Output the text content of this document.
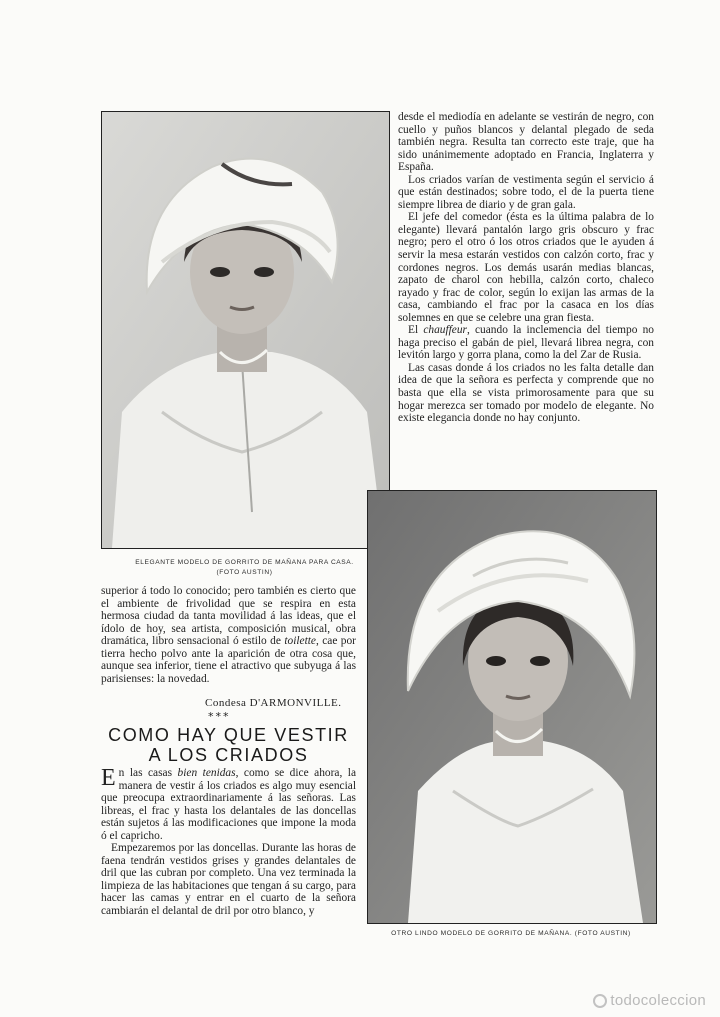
ELEGANTE MODELO DE GORRITO DE MAÑANA PARA CASA.
(FOTO AUSTIN)

desde el mediodía en adelante se vestirán de negro, con cuello y puños blancos y delantal plegado de seda también negra. Resulta tan correcto este traje, que ha sido unánimemente adoptado en Francia, Inglaterra y España.

Los criados varían de vestimenta según el servicio á que están destinados; sobre todo, el de la puerta tiene siempre librea de diario y de gran gala.

El jefe del comedor (ésta es la última palabra de lo elegante) llevará pantalón largo gris obscuro y frac negro; pero el otro ó los otros criados que le ayuden á servir la mesa estarán vestidos con calzón corto, frac y cordones negros. Los demás usarán medias blancas, zapato de charol con hebilla, calzón corto, chaleco rayado y frac de color, según lo exijan las armas de la casa, cambiando el frac por la casaca en los días solemnes en que se celebre una gran fiesta.

El chauffeur, cuando la inclemencia del tiempo no haga preciso el gabán de piel, llevará librea negra, con levitón largo y gorra plana, como la del Zar de Rusia.

Las casas donde á los criados no les falta detalle dan idea de que la señora es perfecta y comprende que no basta que ella se vista primorosamente para que su hogar merezca ser tomado por modelo de elegante. No existe elegancia donde no hay conjunto.

OTRO LINDO MODELO DE GORRITO DE MAÑANA. (FOTO AUSTIN)

superior á todo lo conocido; pero también es cierto que el ambiente de frivolidad que se respira en esta hermosa ciudad da tanta movilidad á las ideas, que el ídolo de hoy, sea artista, composición musical, obra dramática, libro sensacional ó estilo de toilette, cae por tierra hecho polvo ante la aparición de otra cosa que, aunque sea inferior, tiene el atractivo que subyuga á las parisienses: la novedad.

Condesa D'ARMONVILLE.
***
COMO HAY QUE VESTIR
A LOS CRIADOS

En las casas bien tenidas, como se dice ahora, la manera de vestir á los criados es algo muy esencial que preocupa extraordinariamente á las señoras. Las libreas, el frac y hasta los delantales de las doncellas están sujetos á las modificaciones que impone la moda ó el capricho.

Empezaremos por las doncellas. Durante las horas de faena tendrán vestidos grises y grandes delantales de dril que las cubran por completo. Una vez terminada la limpieza de las habitaciones que tengan á su cargo, para hacer las camas y entrar en el cuarto de la señora cambiarán el delantal de dril por otro blanco, y

todocoleccion
